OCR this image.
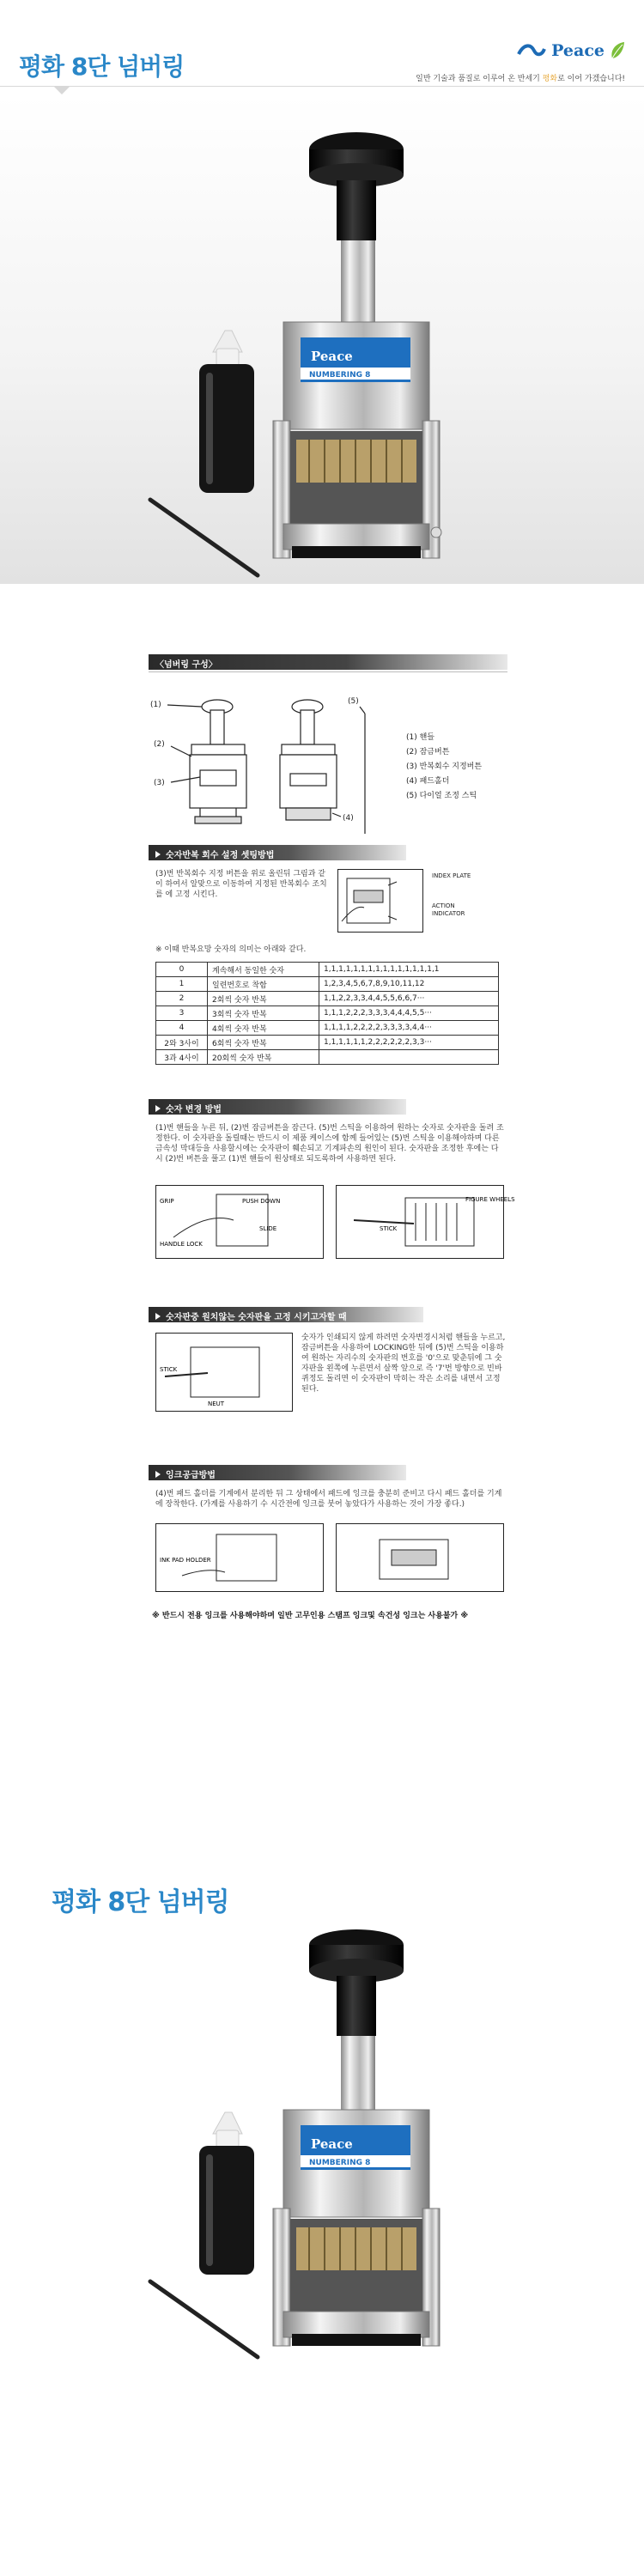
평화 8단 넘버링
Peace
일반 기술과 품질로 이루어 온 반세기 평화로 이어 가겠습니다!
Peace
NUMBERING 8
〈넘버링 구성〉
(1)
(2)
(3)
(4)
(5)
(1) 핸들
(2) 잠금버튼
(3) 반복회수 지정버튼
(4) 패드홀더
(5) 다이얼 조정 스틱
숫자반복 회수 설정 셋팅방법
(3)번 반복회수 지정 버튼을 위로 올린뒤 그림과 같이 하여서 알맞으로 이동하여 지정된 반복회수 조치를 에 고정 시킨다.
INDEX PLATE
ACTION INDICATOR
※ 이때 반복요망 숫자의 의미는 아래와 같다.
0	계속해서 동일한 숫자	1,1,1,1,1,1,1,1,1,1,1,1,1,1,1,1
1	일련번호로 착함	1,2,3,4,5,6,7,8,9,10,11,12
2	2회씩 숫자 반복	1,1,2,2,3,3,4,4,5,5,6,6,7···
3	3회씩 숫자 반복	1,1,1,2,2,2,3,3,3,4,4,4,5,5···
4	4회씩 숫자 반복	1,1,1,1,2,2,2,2,3,3,3,3,4,4···
2와 3사이	6회씩 숫자 반복	1,1,1,1,1,1,2,2,2,2,2,2,3,3···
3과 4사이	20회씩 숫자 반복	
숫자 변경 방법
(1)번 핸들을 누른 뒤, (2)번 잠금버튼을 잠근다. (5)번 스틱을 이용하여 원하는 숫자로 숫자판을 돌려 조정한다. 이 숫자판을 돌릴때는 반드시 이 제품 케이스에 함께 들어있는 (5)번 스틱을 이용해야하며 다른 금속성 막대등을 사용할시에는 숫자판이 훼손되고 기계파손의 원인이 된다. 숫자판을 조정한 후에는 다시 (2)번 버튼을 풀고 (1)번 핸들이 원상태로 되도록하여 사용하면 된다.
GRIP	PUSH DOWN
SLIDE
HANDLE LOCK
STICK
FIGURE WHEELS
숫자판중 원치않는 숫자판을 고정 시키고자할 때
STICK
NEUT
숫자가 인쇄되지 않게 하려면 숫자변경시처럼 핸들을 누르고, 잠금버튼을 사용하여 LOCKING한 뒤에 (5)번 스틱을 이용하여 원하는 자리수의 숫자판의 번호를 '0'으로 맞춘뒤에 그 숫자판을 왼쪽에 누른면서 살짝 앞으로 즉 '7'번 방향으로 빈바퀴정도 돌리면 이 숫자판이 막히는 작은 소리를 내면서 고정된다.
잉크공급방법
(4)번 패드 홀더를 기계에서 분리한 뒤 그 상태에서 패드에 잉크를 충분히 준비고 다시 패드 홀더를 기계에 장착한다. (가계를 사용하기 수 시간전에 잉크를 붓어 놓았다가 사용하는 것이 가장 좋다.)
INK PAD HOLDER
※ 반드시 전용 잉크를 사용해야하며 일반 고무인용 스탬프 잉크및 속건성 잉크는 사용불가 ※
평화 8단 넘버링
Peace
NUMBERING 8
